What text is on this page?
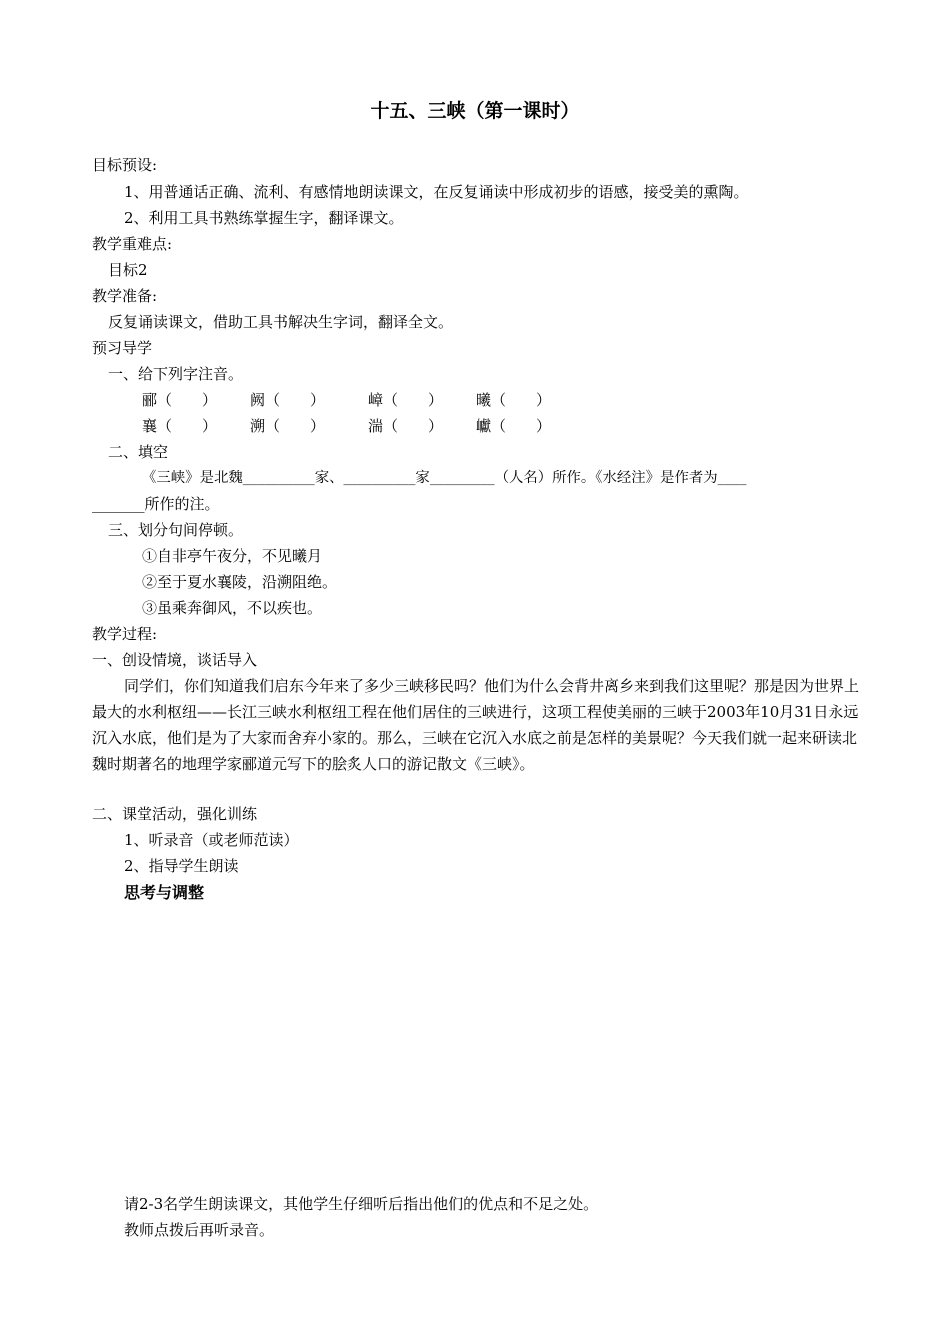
十五、三峡（第一课时）
目标预设:
1、用普通话正确、流利、有感情地朗读课文，在反复诵读中形成初步的语感，接受美的熏陶。
2、利用工具书熟练掌握生字，翻译课文。
教学重难点:
目标2
教学准备:
反复诵读课文，借助工具书解决生字词，翻译全文。
预习导学
一、给下列字注音。
郦（　　） 阙（　　）	嶂（　　） 曦（　　）
襄（　　） 溯（　　）	湍（　　） 巘（　　）
二、填空
《三峡》是北魏__________家、__________家_________（人名）所作。《水经注》是作者为____
_______所作的注。
三、划分句间停顿。
①自非亭午夜分，不见曦月
②至于夏水襄陵，沿溯阻绝。
③虽乘奔御风，不以疾也。
教学过程:
一、创设情境，谈话导入
同学们，你们知道我们启东今年来了多少三峡移民吗？他们为什么会背井离乡来到我们这里呢？那是因为世界上最大的水利枢纽——长江三峡水利枢纽工程在他们居住的三峡进行，这项工程使美丽的三峡于2003年10月31日永远沉入水底，他们是为了大家而舍弃小家的。那么，三峡在它沉入水底之前是怎样的美景呢？今天我们就一起来研读北魏时期著名的地理学家郦道元写下的脍炙人口的游记散文《三峡》。
二、课堂活动，强化训练
1、听录音（或老师范读）
2、指导学生朗读
思考与调整
请2-3名学生朗读课文，其他学生仔细听后指出他们的优点和不足之处。
教师点拨后再听录音。
